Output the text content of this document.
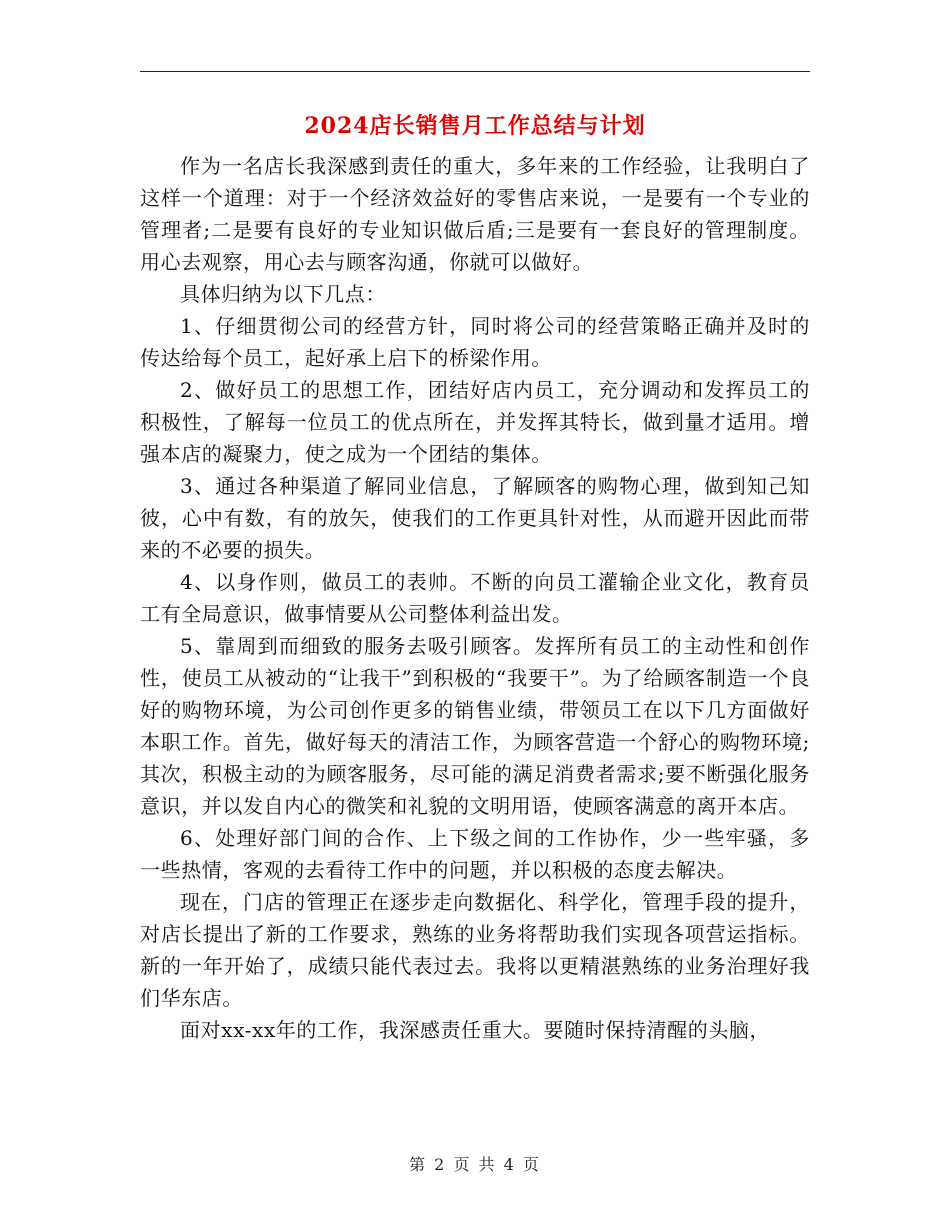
2024店长销售月工作总结与计划

作为一名店长我深感到责任的重大，多年来的工作经验，让我明白了这样一个道理：对于一个经济效益好的零售店来说，一是要有一个专业的管理者;二是要有良好的专业知识做后盾;三是要有一套良好的管理制度。用心去观察，用心去与顾客沟通，你就可以做好。

具体归纳为以下几点：

1、仔细贯彻公司的经营方针，同时将公司的经营策略正确并及时的传达给每个员工，起好承上启下的桥梁作用。

2、做好员工的思想工作，团结好店内员工，充分调动和发挥员工的积极性，了解每一位员工的优点所在，并发挥其特长，做到量才适用。增强本店的凝聚力，使之成为一个团结的集体。

3、通过各种渠道了解同业信息，了解顾客的购物心理，做到知己知彼，心中有数，有的放矢，使我们的工作更具针对性，从而避开因此而带来的不必要的损失。

4、以身作则，做员工的表帅。不断的向员工灌输企业文化，教育员工有全局意识，做事情要从公司整体利益出发。

5、靠周到而细致的服务去吸引顾客。发挥所有员工的主动性和创作性，使员工从被动的“让我干”到积极的“我要干”。为了给顾客制造一个良好的购物环境，为公司创作更多的销售业绩，带领员工在以下几方面做好本职工作。首先，做好每天的清洁工作，为顾客营造一个舒心的购物环境;其次，积极主动的为顾客服务，尽可能的满足消费者需求;要不断强化服务意识，并以发自内心的微笑和礼貌的文明用语，使顾客满意的离开本店。

6、处理好部门间的合作、上下级之间的工作协作，少一些牢骚，多一些热情，客观的去看待工作中的问题，并以积极的态度去解决。

现在，门店的管理正在逐步走向数据化、科学化，管理手段的提升，对店长提出了新的工作要求，熟练的业务将帮助我们实现各项营运指标。新的一年开始了，成绩只能代表过去。我将以更精湛熟练的业务治理好我们华东店。

面对xx-xx年的工作，我深感责任重大。要随时保持清醒的头脑，

第 2 页 共 4 页
